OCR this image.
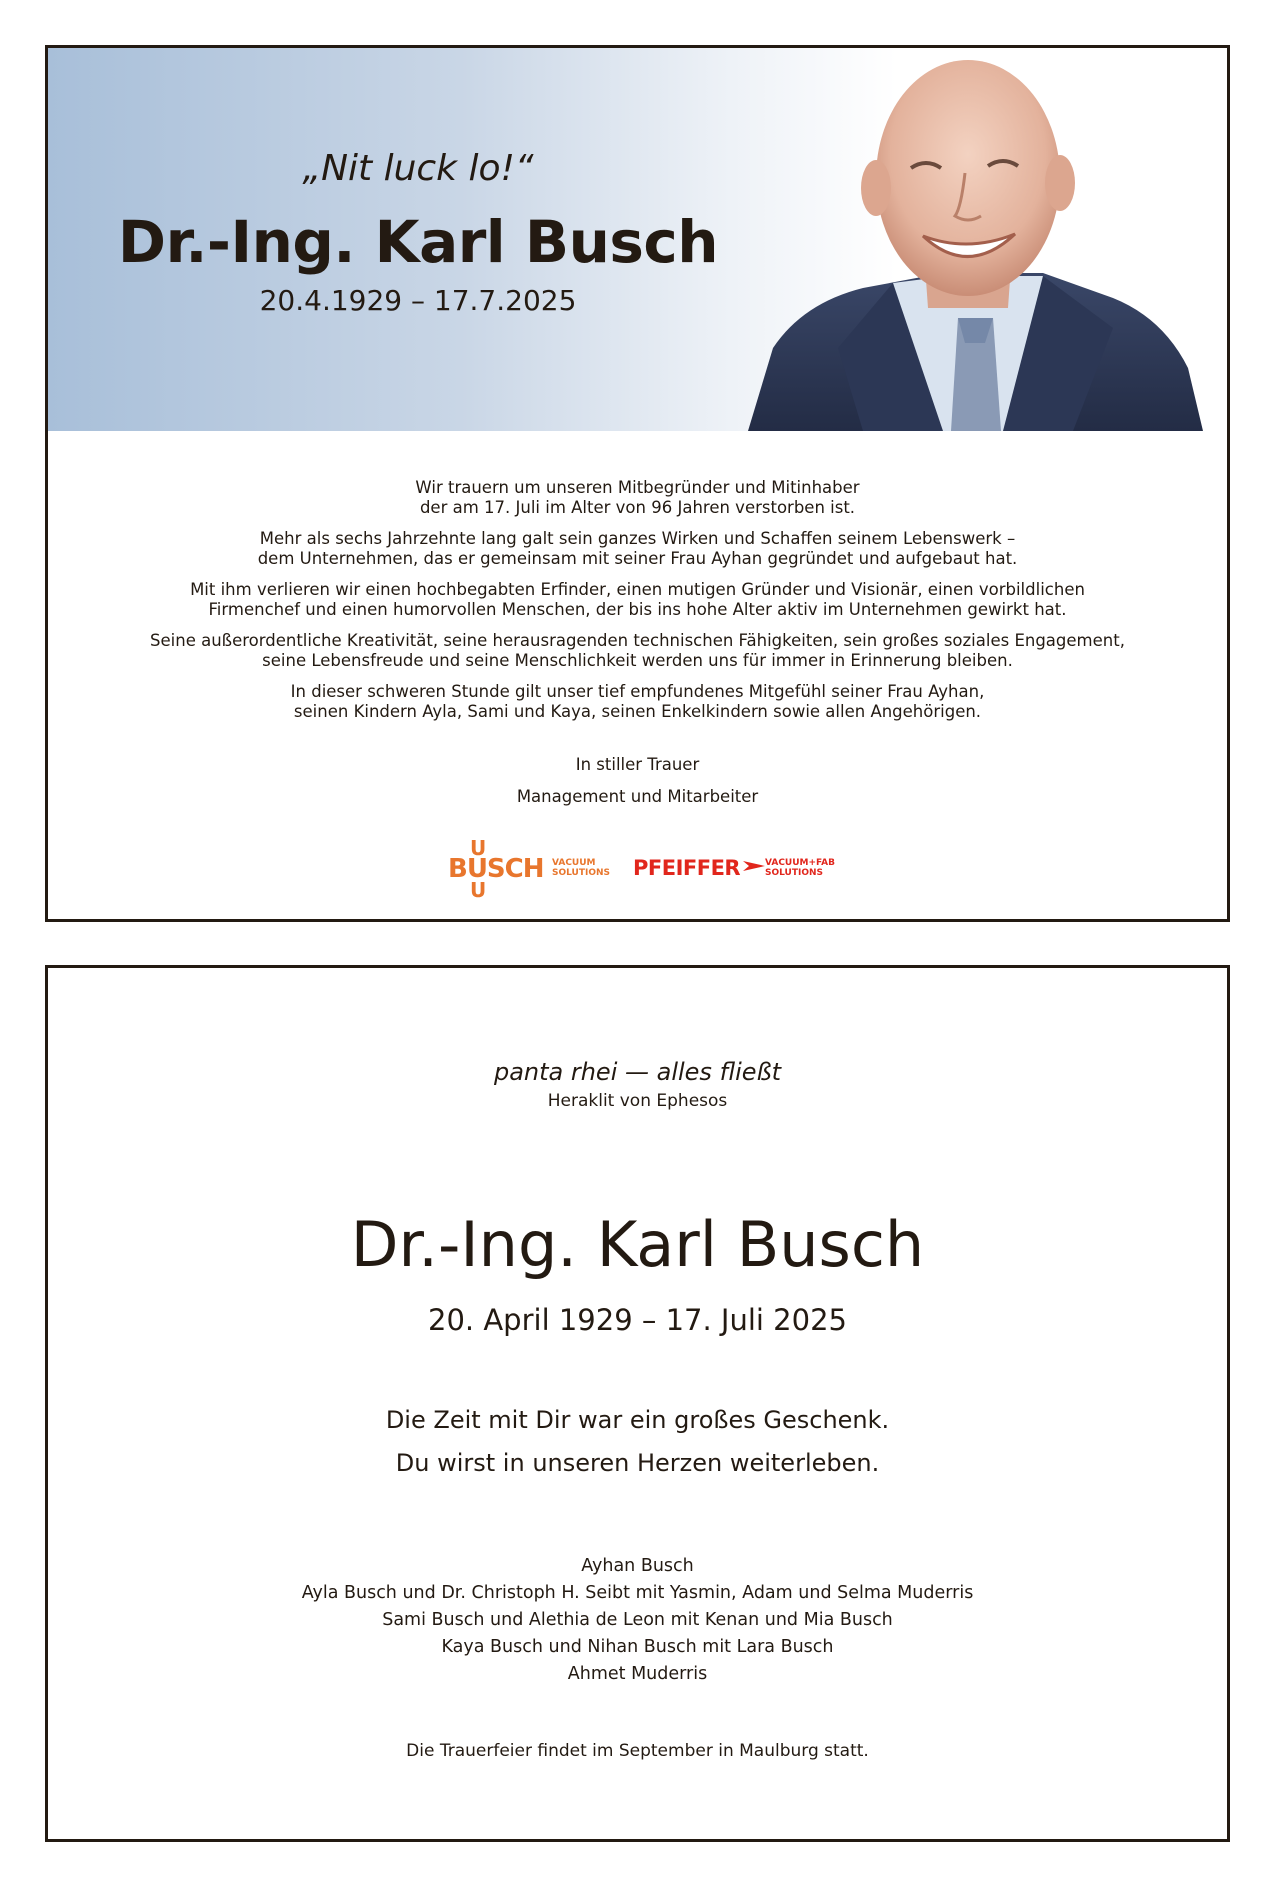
„Nit luck lo!“
Dr.-Ing. Karl Busch
20.4.1929 – 17.7.2025

Wir trauern um unseren Mitbegründer und Mitinhaber
der am 17. Juli im Alter von 96 Jahren verstorben ist.

Mehr als sechs Jahrzehnte lang galt sein ganzes Wirken und Schaffen seinem Lebenswerk –
dem Unternehmen, das er gemeinsam mit seiner Frau Ayhan gegründet und aufgebaut hat.

Mit ihm verlieren wir einen hochbegabten Erfinder, einen mutigen Gründer und Visionär, einen vorbildlichen
Firmenchef und einen humorvollen Menschen, der bis ins hohe Alter aktiv im Unternehmen gewirkt hat.

Seine außerordentliche Kreativität, seine herausragenden technischen Fähigkeiten, sein großes soziales Engagement,
seine Lebensfreude und seine Menschlichkeit werden uns für immer in Erinnerung bleiben.

In dieser schweren Stunde gilt unser tief empfundenes Mitgefühl seiner Frau Ayhan,
seinen Kindern Ayla, Sami und Kaya, seinen Enkelkindern sowie allen Angehörigen.

In stiller Trauer
Management und Mitarbeiter
U
BUSCH
U
VACUUM
SOLUTIONS	PFEIFFER	VACUUM+FAB
SOLUTIONS
panta rhei — alles fließt
Heraklit von Ephesos
Dr.-Ing. Karl Busch
20. April 1929 – 17. Juli 2025
Die Zeit mit Dir war ein großes Geschenk.
Du wirst in unseren Herzen weiterleben.
Ayhan Busch
Ayla Busch und Dr. Christoph H. Seibt mit Yasmin, Adam und Selma Muderris
Sami Busch und Alethia de Leon mit Kenan und Mia Busch
Kaya Busch und Nihan Busch mit Lara Busch
Ahmet Muderris
Die Trauerfeier findet im September in Maulburg statt.
